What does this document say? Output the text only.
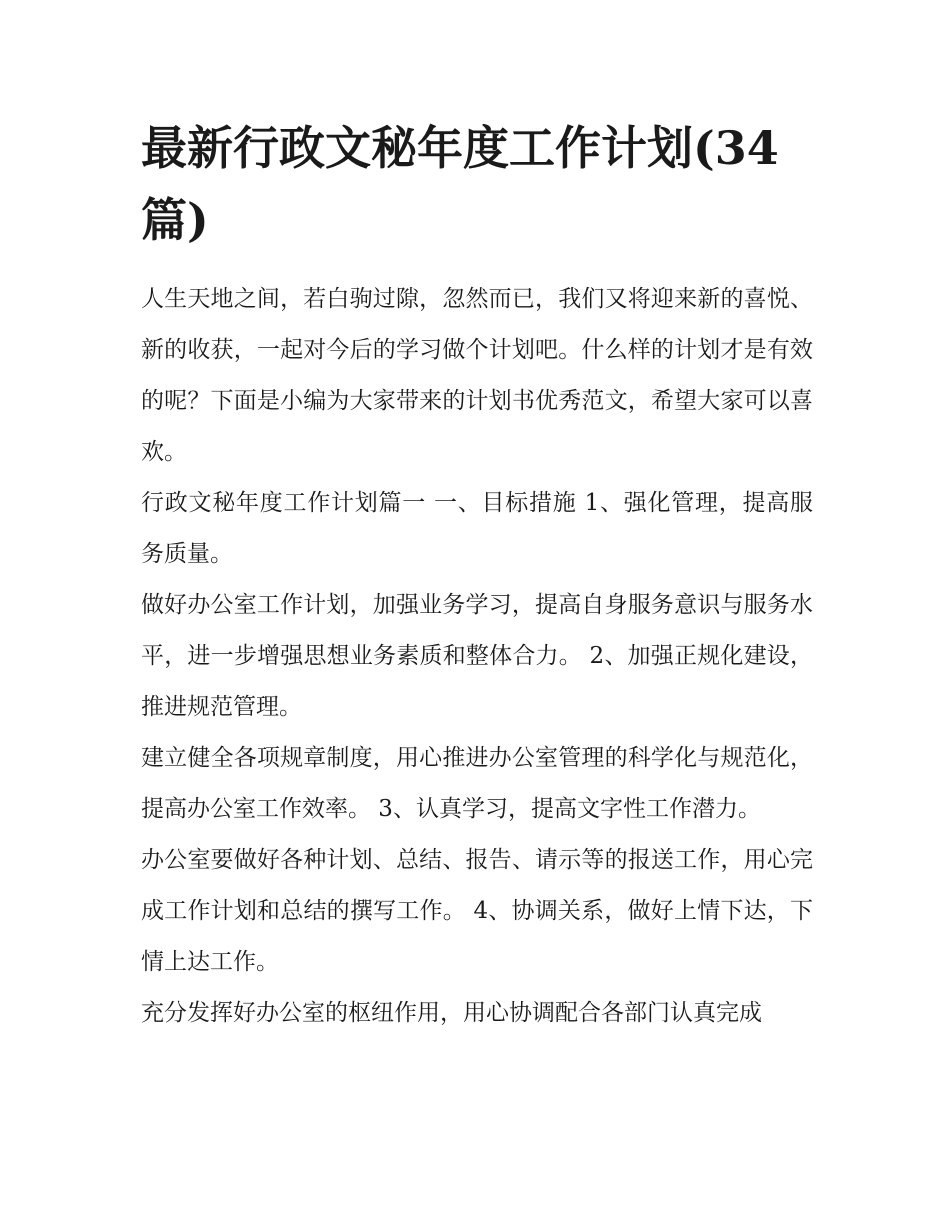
最新行政文秘年度工作计划(34篇)

人生天地之间，若白驹过隙，忽然而已，我们又将迎来新的喜悦、新的收获，一起对今后的学习做个计划吧。什么样的计划才是有效的呢？下面是小编为大家带来的计划书优秀范文，希望大家可以喜欢。

行政文秘年度工作计划篇一 一、目标措施 1、强化管理，提高服务质量。

做好办公室工作计划，加强业务学习，提高自身服务意识与服务水平，进一步增强思想业务素质和整体合力。 2、加强正规化建设，推进规范管理。

建立健全各项规章制度，用心推进办公室管理的科学化与规范化，提高办公室工作效率。 3、认真学习，提高文字性工作潜力。

办公室要做好各种计划、总结、报告、请示等的报送工作，用心完成工作计划和总结的撰写工作。 4、协调关系，做好上情下达，下情上达工作。

充分发挥好办公室的枢纽作用，用心协调配合各部门认真完成
